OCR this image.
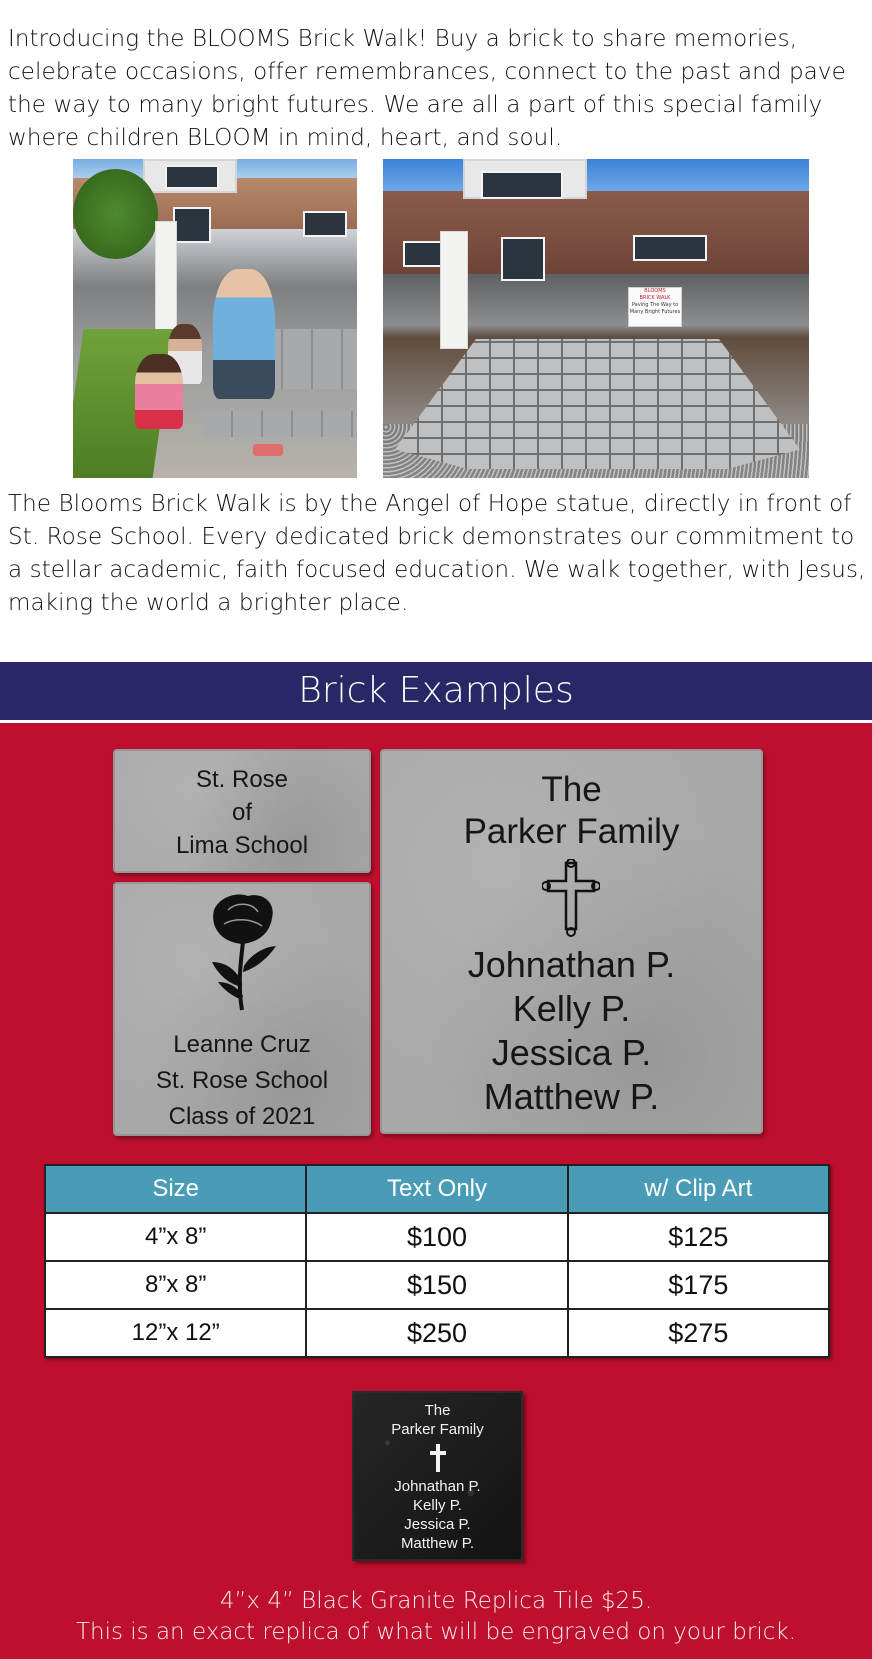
Introducing the BLOOMS Brick Walk! Buy a brick to share memories, celebrate occasions, offer remembrances, connect to the past and pave the way to many bright futures. We are all a part of this special family where children BLOOM in mind, heart, and soul.

BLOOMS
BRICK WALK
Paving The Way to
Many Bright Futures

The Blooms Brick Walk is by the Angel of Hope statue, directly in front of St. Rose School. Every dedicated brick demonstrates our commitment to a stellar academic, faith focused education. We walk together, with Jesus, making the world a brighter place.

Brick Examples
St. Rose
of
Lima School
Leanne Cruz
St. Rose School
Class of 2021
The
Parker Family
Johnathan P.
Kelly P.
Jessica P.
Matthew P.
Size	Text Only	w/ Clip Art
4”x 8”	$100	$125
8”x 8”	$150	$175
12”x 12”	$250	$275
The
Parker Family
Johnathan P.
Kelly P.
Jessica P.
Matthew P.
4”x 4” Black Granite Replica Tile $25.
This is an exact replica of what will be engraved on your brick.
